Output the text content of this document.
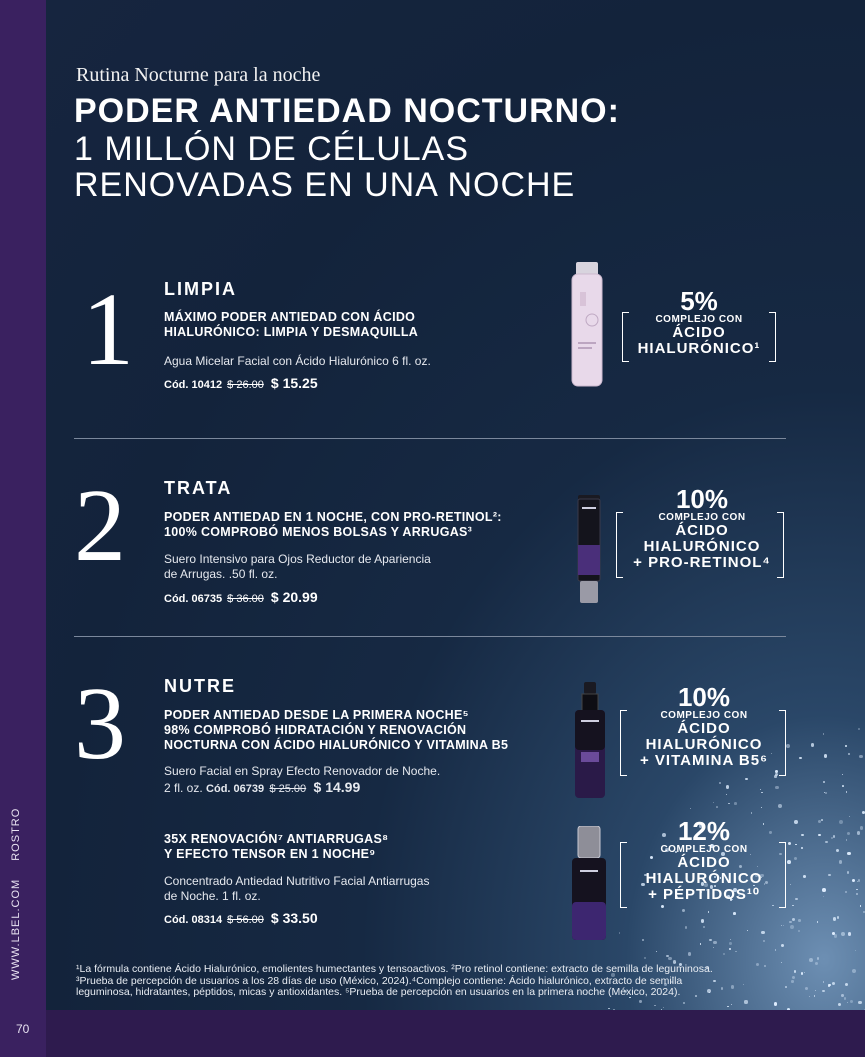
WWW.LBEL.COMROSTRO
70
Rutina Nocturne para la noche
PODER ANTIEDAD NOCTURNO:
1 MILLÓN DE CÉLULAS
RENOVADAS EN UNA NOCHE
1 LIMPIA
MÁXIMO PODER ANTIEDAD CON ÁCIDO
HIALURÓNICO: LIMPIA Y DESMAQUILLA
Agua Micelar Facial con Ácido Hialurónico 6 fl. oz.
Cód. 10412 $ 26.00 $ 15.25
5%
COMPLEJO CON
ÁCIDO
HIALURÓNICO¹
2 TRATA
PODER ANTIEDAD EN 1 NOCHE, CON PRO-RETINOL²:
100% COMPROBÓ MENOS BOLSAS Y ARRUGAS³
Suero Intensivo para Ojos Reductor de Apariencia
de Arrugas. .50 fl. oz.
Cód. 06735 $ 36.00 $ 20.99
10%
COMPLEJO CON
ÁCIDO
HIALURÓNICO
+ PRO-RETINOL⁴
3 NUTRE
PODER ANTIEDAD DESDE LA PRIMERA NOCHE⁵
98% COMPROBÓ HIDRATACIÓN Y RENOVACIÓN
NOCTURNA CON ÁCIDO HIALURÓNICO Y VITAMINA B5
Suero Facial en Spray Efecto Renovador de Noche.
2 fl. oz. Cód. 06739 $ 25.00 $ 14.99
10%
COMPLEJO CON
ÁCIDO
HIALURÓNICO
+ VITAMINA B5⁶
35X RENOVACIÓN⁷ ANTIARRUGAS⁸
Y EFECTO TENSOR EN 1 NOCHE⁹
Concentrado Antiedad Nutritivo Facial Antiarrugas
de Noche. 1 fl. oz.
Cód. 08314 $ 56.00 $ 33.50
12%
COMPLEJO CON
ÁCIDO
HIALURÓNICO
+ PÉPTIDOS¹⁰
¹La fórmula contiene Ácido Hialurónico, emolientes humectantes y tensoactivos. ²Pro retinol contiene: extracto de semilla de leguminosa.
³Prueba de percepción de usuarios a los 28 días de uso (México, 2024).⁴Complejo contiene: Ácido hialurónico, extracto de semilla
leguminosa, hidratantes, péptidos, micas y antioxidantes. ⁵Prueba de percepción en usuarios en la primera noche (México, 2024).
